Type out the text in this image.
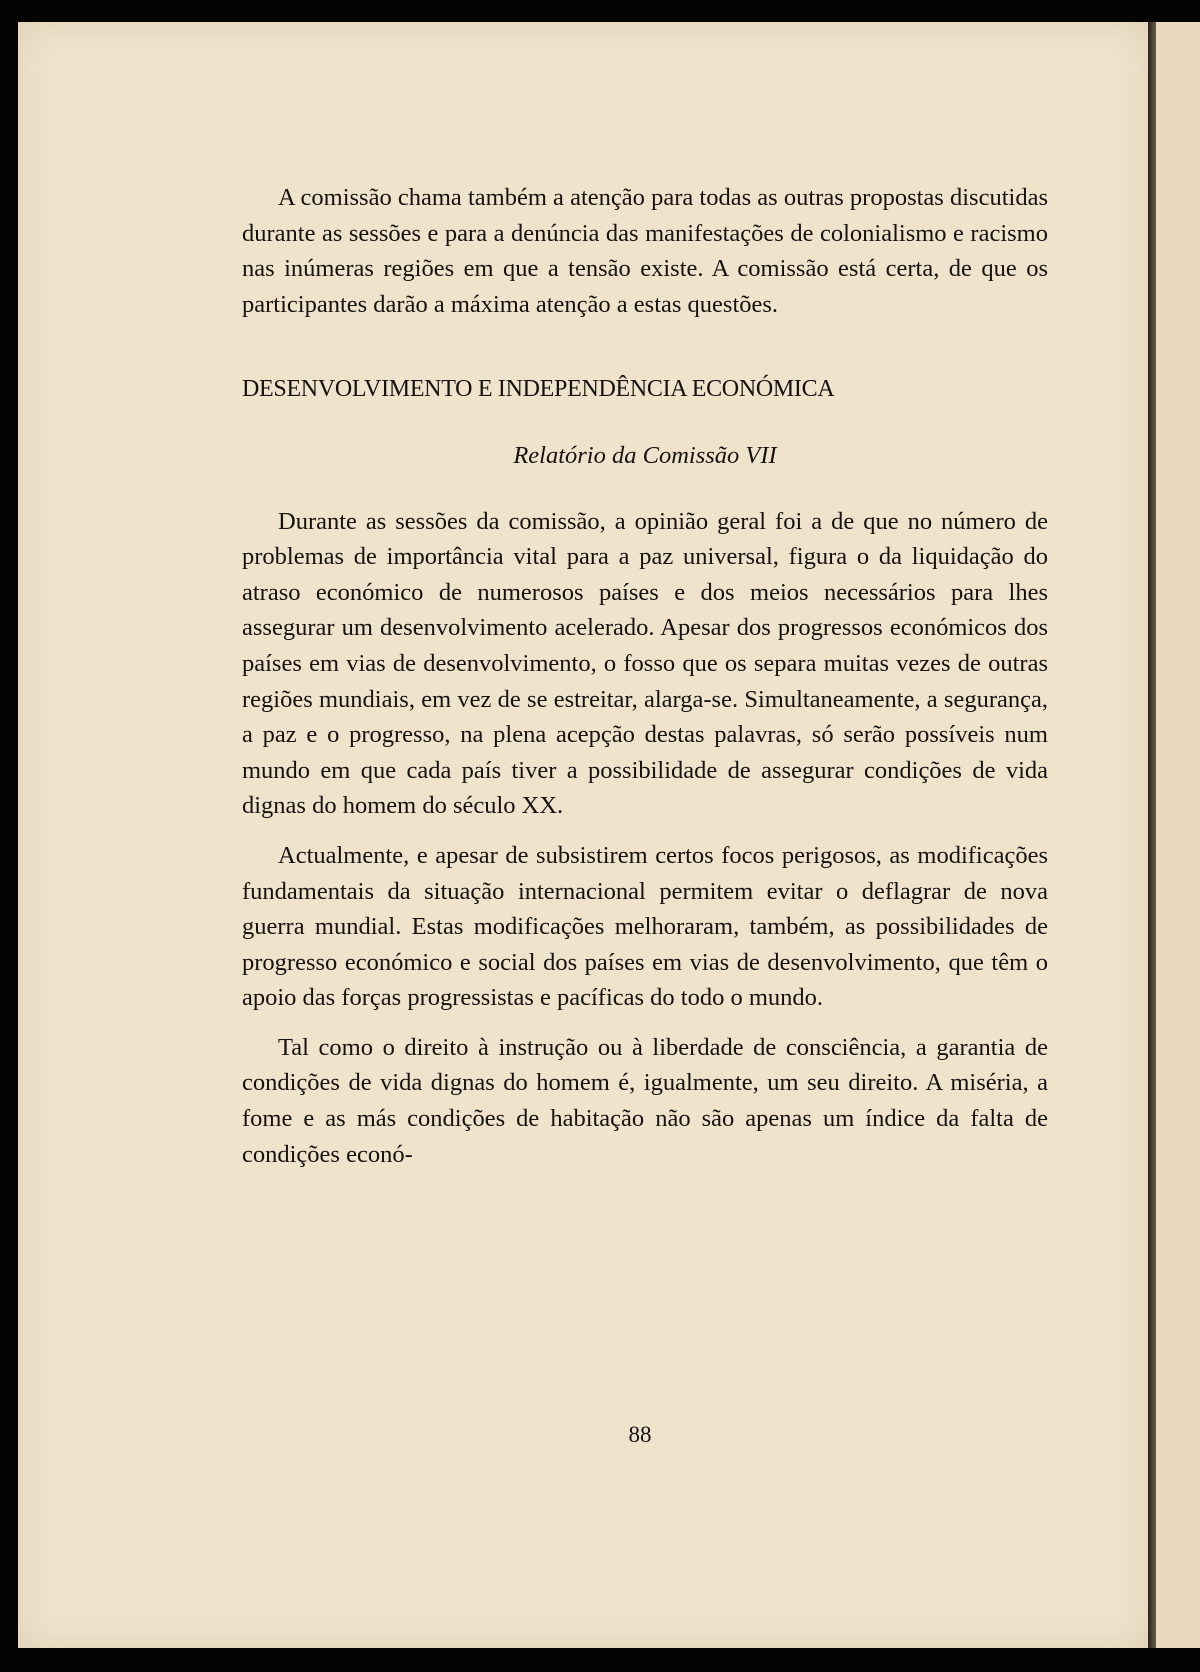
A comissão chama também a atenção para todas as outras propostas discutidas durante as sessões e para a denúncia das manifestações de colonialismo e racismo nas inúmeras regiões em que a tensão existe. A comissão está certa, de que os participantes darão a máxima atenção a estas questões.

DESENVOLVIMENTO E INDEPENDÊNCIA ECONÓMICA

Relatório da Comissão VII

Durante as sessões da comissão, a opinião geral foi a de que no número de problemas de importância vital para a paz universal, figura o da liquidação do atraso económico de numerosos países e dos meios necessários para lhes assegurar um desenvolvimento acelerado. Apesar dos progressos económicos dos países em vias de desenvolvimento, o fosso que os separa muitas vezes de outras regiões mundiais, em vez de se estreitar, alarga-se. Simultaneamente, a segurança, a paz e o progresso, na plena acepção destas palavras, só serão possíveis num mundo em que cada país tiver a possibilidade de assegurar condições de vida dignas do homem do século XX.

Actualmente, e apesar de subsistirem certos focos perigosos, as modificações fundamentais da situação internacional permitem evitar o deflagrar de nova guerra mundial. Estas modificações melhoraram, também, as possibilidades de progresso económico e social dos países em vias de desenvolvimento, que têm o apoio das forças progressistas e pacíficas do todo o mundo.

Tal como o direito à instrução ou à liberdade de consciência, a garantia de condições de vida dignas do homem é, igualmente, um seu direito. A miséria, a fome e as más condições de habitação não são apenas um índice da falta de condições econó-

88
